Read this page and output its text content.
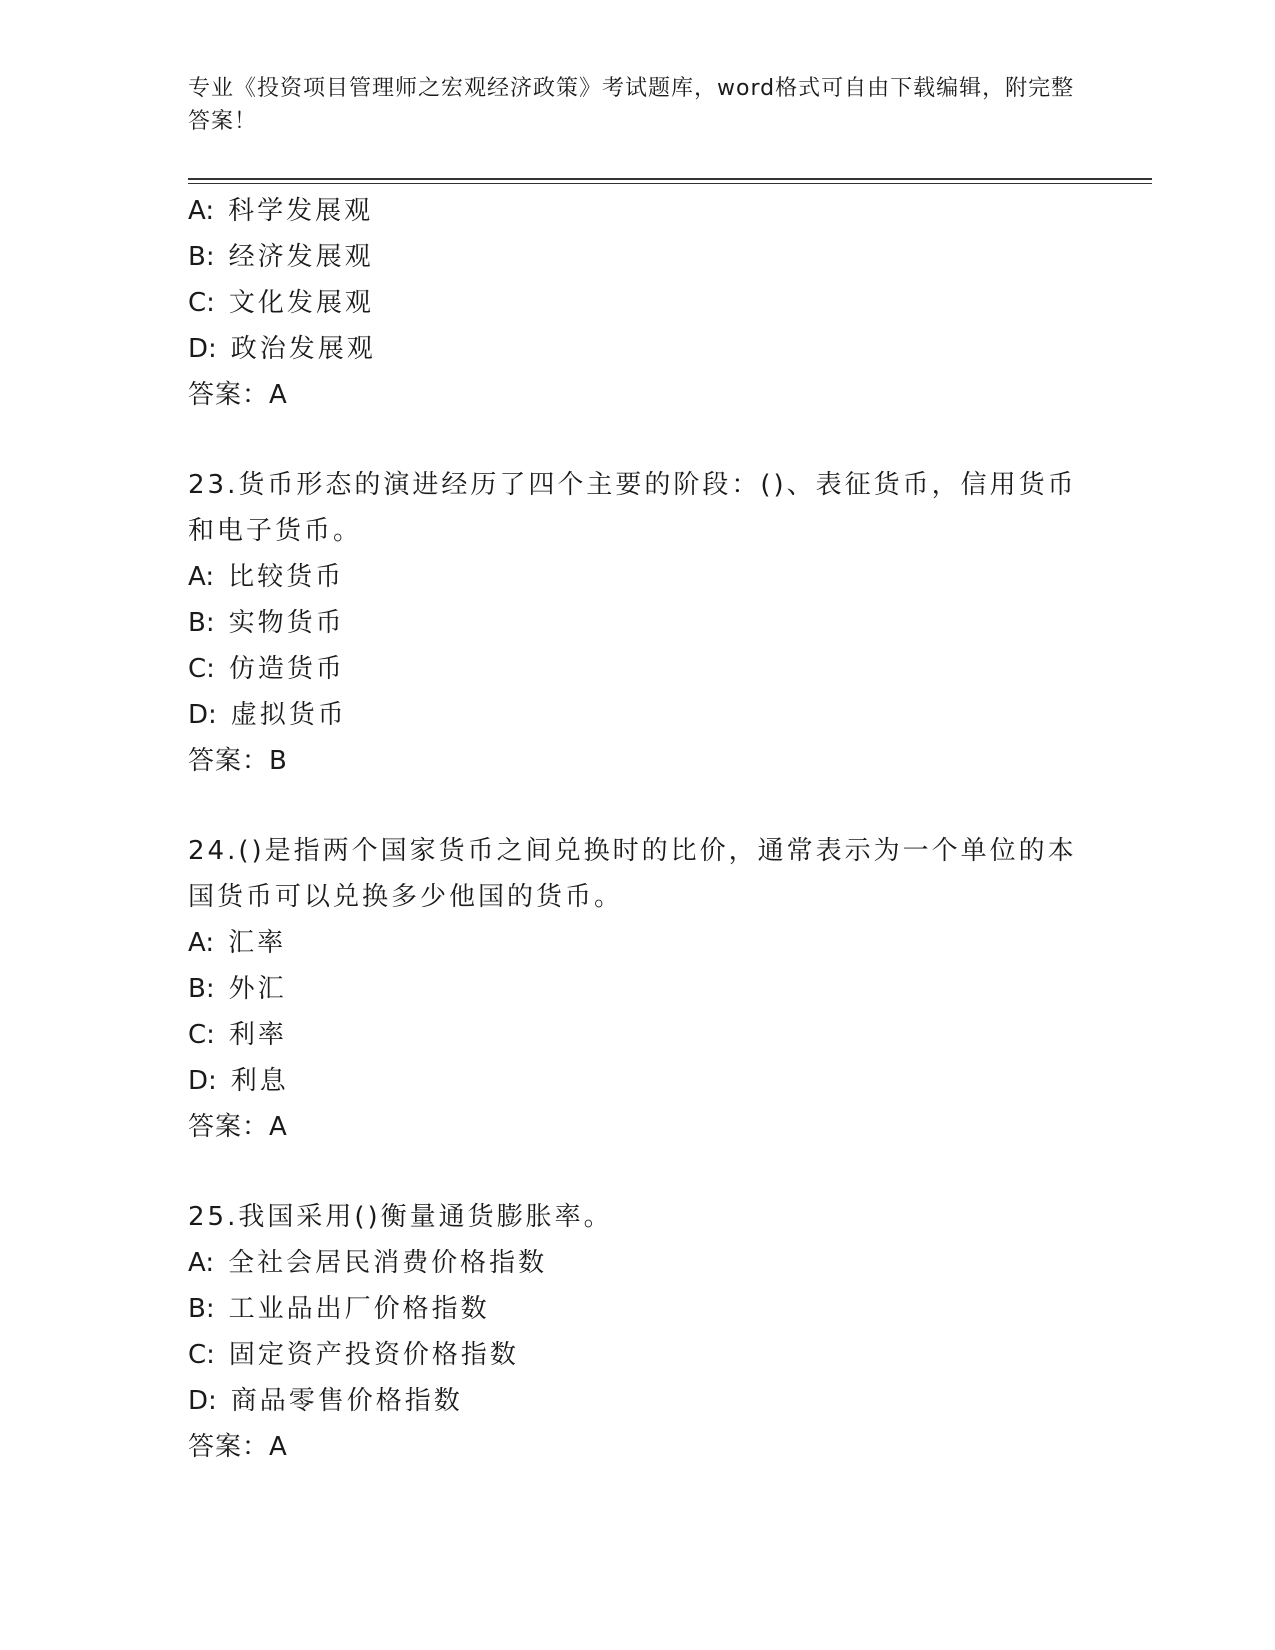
专业《投资项目管理师之宏观经济政策》考试题库，word格式可自由下载编辑，附完整答案！
A: 科学发展观
B: 经济发展观
C: 文化发展观
D: 政治发展观
答案：A
23.货币形态的演进经历了四个主要的阶段：()、表征货币，信用货币
和电子货币。
A: 比较货币
B: 实物货币
C: 仿造货币
D: 虚拟货币
答案：B
24.()是指两个国家货币之间兑换时的比价，通常表示为一个单位的本
国货币可以兑换多少他国的货币。
A: 汇率
B: 外汇
C: 利率
D: 利息
答案：A
25.我国采用()衡量通货膨胀率。
A: 全社会居民消费价格指数
B: 工业品出厂价格指数
C: 固定资产投资价格指数
D: 商品零售价格指数
答案：A
